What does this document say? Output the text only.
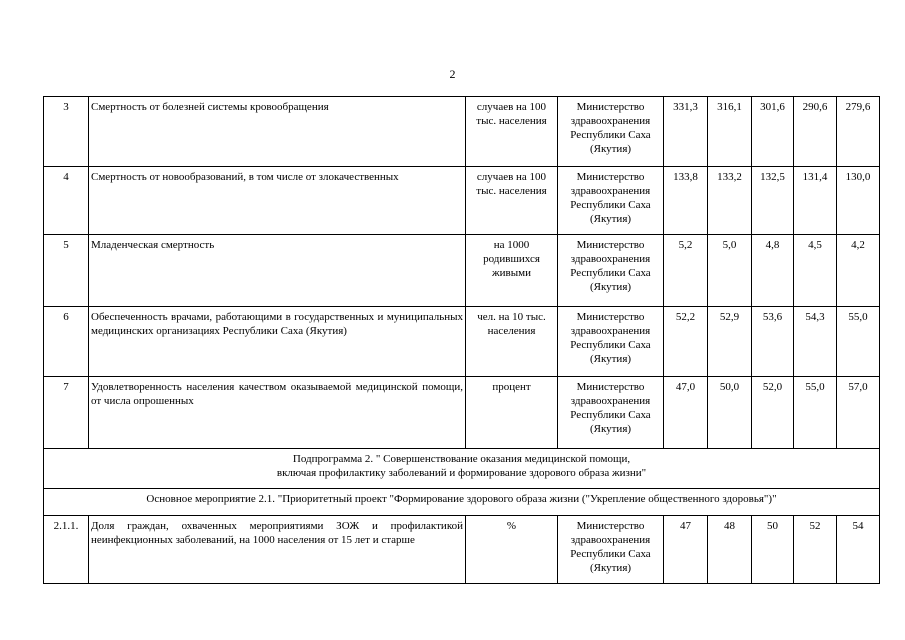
2
3	Смертность от болезней системы кровообращения	случаев на 100 тыс. населения	Министерство здравоохранения Республики Саха (Якутия)	331,3	316,1	301,6	290,6	279,6
4	Смертность от новообразований, в том числе от злокачественных	случаев на 100 тыс. населения	Министерство здравоохранения Республики Саха (Якутия)	133,8	133,2	132,5	131,4	130,0
5	Младенческая смертность	на 1000 родившихся живыми	Министерство здравоохранения Республики Саха (Якутия)	5,2	5,0	4,8	4,5	4,2
6	Обеспеченность врачами, работающими в государственных и муниципальных медицинских организациях Республики Саха (Якутия)	чел. на 10 тыс. населения	Министерство здравоохранения Республики Саха (Якутия)	52,2	52,9	53,6	54,3	55,0
7	Удовлетворенность населения качеством оказываемой медицинской помощи, от числа опрошенных	процент	Министерство здравоохранения Республики Саха (Якутия)	47,0	50,0	52,0	55,0	57,0

Подпрограмма 2. " Совершенствование оказания медицинской помощи,
включая профилактику заболеваний и формирование здорового образа жизни"								

Основное мероприятие 2.1. "Приоритетный проект "Формирование здорового образа жизни ("Укрепление общественного здоровья")"								
2.1.1.	Доля граждан, охваченных мероприятиями ЗОЖ и профилактикой неинфекционных заболеваний, на 1000 населения от 15 лет и старше	%	Министерство здравоохранения Республики Саха (Якутия)	47	48	50	52	54
